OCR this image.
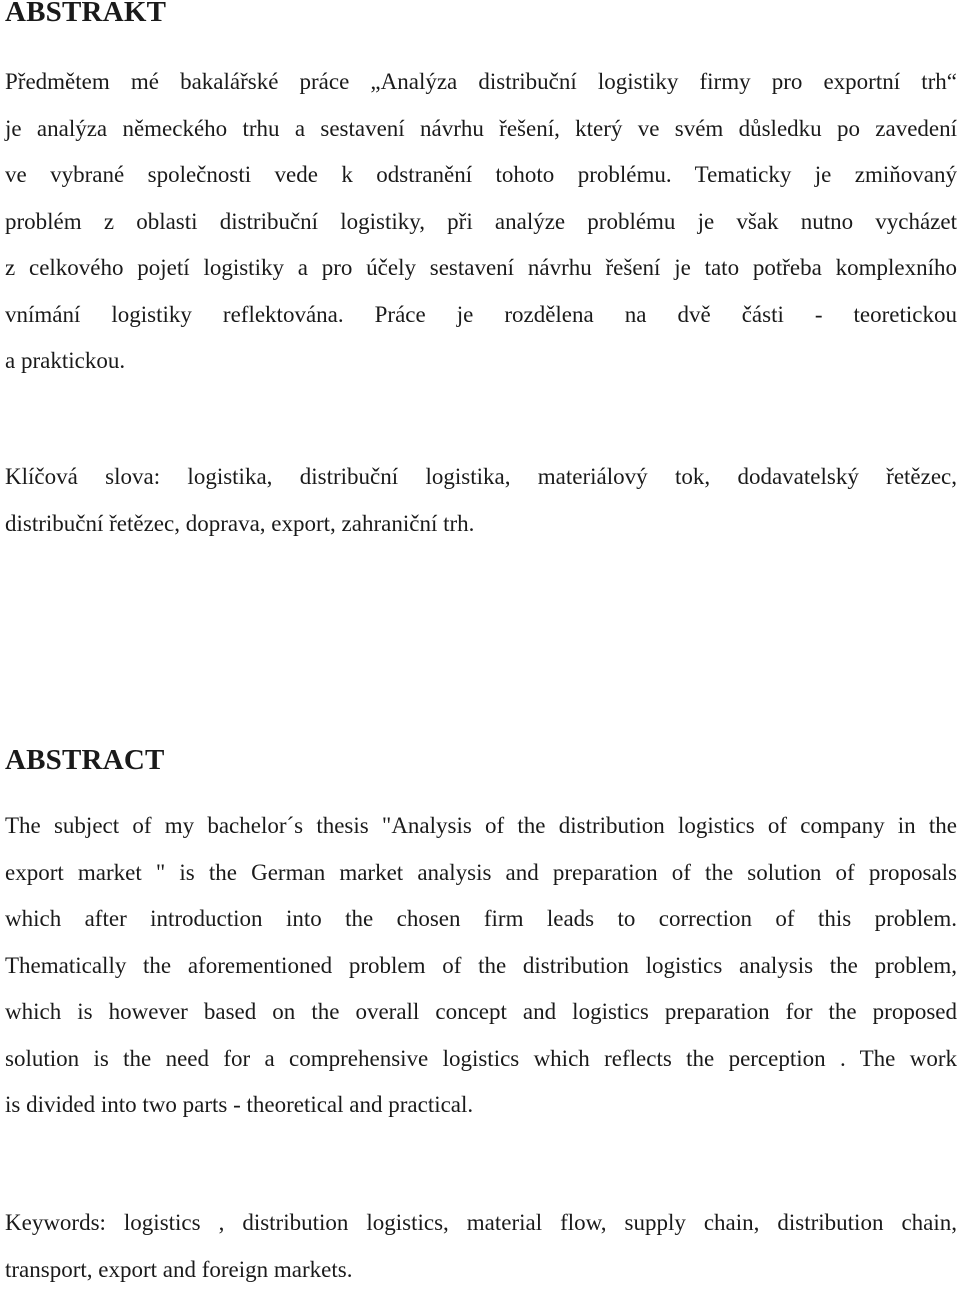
ABSTRAKT
Předmětem mé bakalářské práce „Analýza distribuční logistiky firmy pro exportní trh“
je analýza německého trhu a sestavení návrhu řešení, který ve svém důsledku po zavedení
ve vybrané společnosti vede k odstranění tohoto problému. Tematicky je zmiňovaný
problém z oblasti distribuční logistiky, při analýze problému je však nutno vycházet
z celkového pojetí logistiky a pro účely sestavení návrhu řešení je tato potřeba komplexního
vnímání logistiky reflektována. Práce je rozdělena na dvě části - teoretickou
a praktickou.
Klíčová slova: logistika, distribuční logistika, materiálový tok, dodavatelský řetězec,
distribuční řetězec, doprava, export, zahraniční trh.
ABSTRACT
The subject of my bachelor´s thesis "Analysis of the distribution logistics of company in the
export market " is the German market analysis and preparation of the solution of proposals
which after introduction into the chosen firm leads to correction of this problem.
Thematically the aforementioned problem of the distribution logistics analysis the problem,
which is however based on the overall concept and logistics preparation for the proposed
solution is the need for a comprehensive logistics which reflects the perception . The work
is divided into two parts - theoretical and practical.
Keywords: logistics , distribution logistics, material flow, supply chain, distribution chain,
transport, export and foreign markets.
